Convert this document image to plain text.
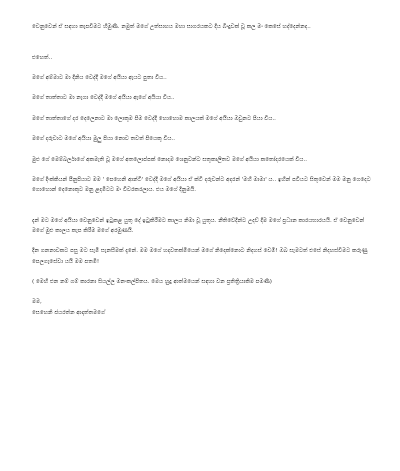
වෙනුවෙන් ඒ සඳහා කැපවීමට හිමුණි. නමුත් මගේ උත්සාහය මහා සාගරයකට දිය බිංදුවක් වූ කල මං කෙසේ හද්දෙන්නද..

එහෙත්..

මගේ අම්මාට මා දිනිය වෙද්දී මගේ අයියා ඇයට පුතා විය..

මගේ තාත්තාට මා නැගා වෙද්දී මගේ අයියා ඇගේ අයියා විය..

මගේ තාත්තාගේ දර දෙලෙනාට මා ලොකුම පිම වෙද්දී හොහොම කාලයක් මගේ අයියා ඔවුනට පියා විය..

මගේ දරුවාට මගේ අයියා මුලු පියා නොව තවත් පියෙකු විය..

මුළු ගේ මෙම්බර්ලාගේ අකමැති වූ මගේ අතලොප්පක් නොදම ශෙනුවන්ට සතුකාලිතව මගේ අයියා කතෝදරයෙක් විය..

මගේ දිංක්කියන් පීනුපියාට මම ' පෙහෙනි ආන්ටි' වෙද්දී මගේ අයියා ඒ ක්ටි දරුවන්ට අදරන් 'මහි මාමා' ය.. ඉහින් පවියට සිතුවෙන් මම මනු ගෙදෙට ගොහොන් දෙනොකුට මනු ළදමිටට මං විවරකරලාය. එය මගේ දිනුමයි.

දැන් මට මගේ අයියා වෙනුවෙන් ඉටුකළ යුතු දේ ඉටුකිරීමට කාලය නිමා වූ යුතුය. නීතිවේදීන්ට උදව් දීම මගේ ප්‍රධාන කාරයභාරයයි. ඒ වෙනුවෙන් මගේ මුළු කාලය කැප කිරීම මගේ අරමුණයි.
දින ගනනාවකට පසු මට සැමි සැනසීමක් දැනේ. මම මගේ හදවතක්මියෙන් මගේ නිදෙක්නොට නිදහස් වෙමි! ඔබ සැමටත් එසේ නිදහස්වීමට කරුණු පෙලගැසේවා යයි මම පතමි!
( මෙහි එන නම් ගම් කාරනා සියල්ල මනංකල්පිතය. මෙය හුදු ආත්මයෙන් සඳහා වන ප්‍රතිත්‍රියාකිම පමණි)
මම,
සෙහෙනි ජයරත්න ආදාත්තමගේ
